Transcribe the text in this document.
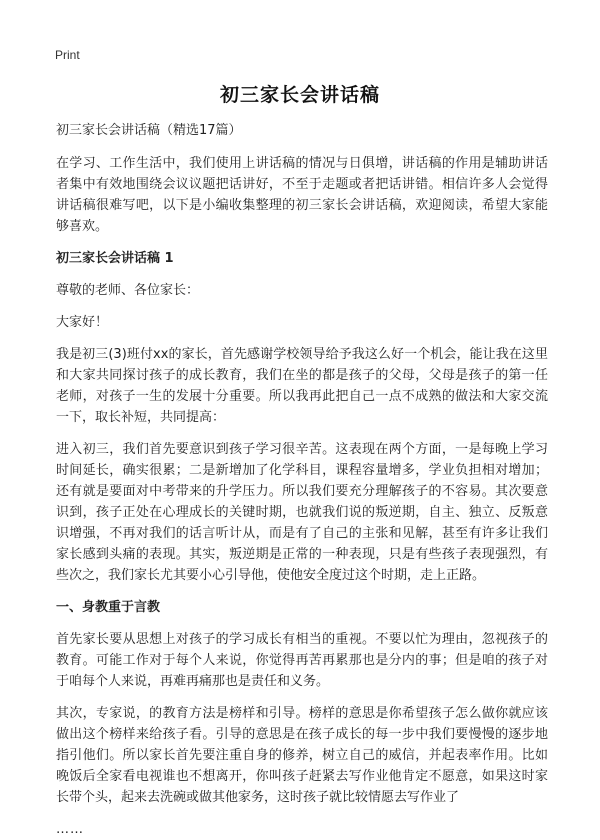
Print
初三家长会讲话稿

初三家长会讲话稿（精选17篇）

在学习、工作生活中，我们使用上讲话稿的情况与日俱增，讲话稿的作用是辅助讲话者集中有效地围绕会议议题把话讲好，不至于走题或者把话讲错。相信许多人会觉得讲话稿很难写吧，以下是小编收集整理的初三家长会讲话稿，欢迎阅读，希望大家能够喜欢。

初三家长会讲话稿 1

尊敬的老师、各位家长：

大家好！

我是初三(3)班付xx的家长，首先感谢学校领导给予我这么好一个机会，能让我在这里和大家共同探讨孩子的成长教育，我们在坐的都是孩子的父母，父母是孩子的第一任老师，对孩子一生的发展十分重要。所以我再此把自己一点不成熟的做法和大家交流一下，取长补短，共同提高：

进入初三，我们首先要意识到孩子学习很辛苦。这表现在两个方面，一是每晚上学习时间延长，确实很累；二是新增加了化学科目，课程容量增多，学业负担相对增加；还有就是要面对中考带来的升学压力。所以我们要充分理解孩子的不容易。其次要意识到，孩子正处在心理成长的关键时期，也就我们说的叛逆期，自主、独立、反叛意识增强，不再对我们的话言听计从，而是有了自己的主张和见解，甚至有许多让我们家长感到头痛的表现。其实，叛逆期是正常的一种表现，只是有些孩子表现强烈，有些次之，我们家长尤其要小心引导他，使他安全度过这个时期，走上正路。

一、身教重于言教

首先家长要从思想上对孩子的学习成长有相当的重视。不要以忙为理由，忽视孩子的教育。可能工作对于每个人来说，你觉得再苦再累那也是分内的事；但是咱的孩子对于咱每个人来说，再难再痛那也是责任和义务。

其次，专家说，的教育方法是榜样和引导。榜样的意思是你希望孩子怎么做你就应该做出这个榜样来给孩子看。引导的意思是在孩子成长的每一步中我们要慢慢的逐步地指引他们。所以家长首先要注重自身的修养，树立自己的威信，并起表率作用。比如晚饭后全家看电视谁也不想离开，你叫孩子赶紧去写作业他肯定不愿意，如果这时家长带个头，起来去洗碗或做其他家务，这时孩子就比较情愿去写作业了

……
